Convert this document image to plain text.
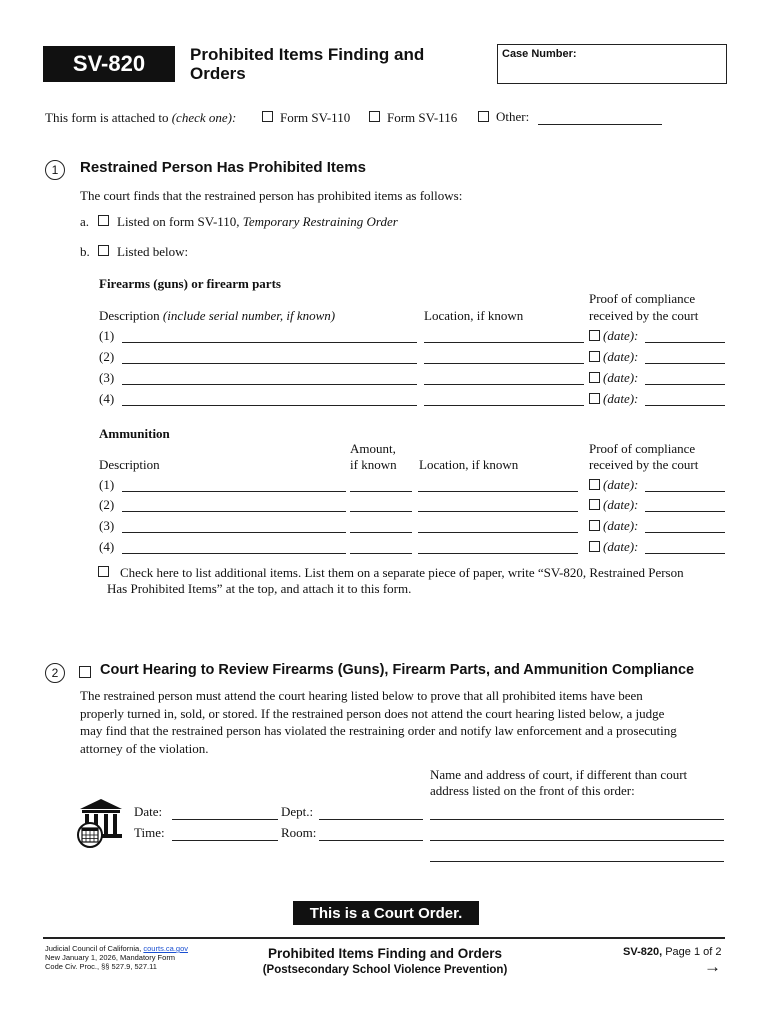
SV-820	Prohibited Items Finding and
Orders
Case Number:
This form is attached to (check one):	Form SV-110	Form SV-116	Other:
1	Restrained Person Has Prohibited Items
The court finds that the restrained person has prohibited items as follows:
a. Listed on form SV-110, Temporary Restraining Order
b. Listed below:
Firearms (guns) or firearm parts
Description (include serial number, if known)	Location, if known
Proof of compliance
received by the court
(1)	(date):
(2)	(date):
(3)	(date):
(4)	(date):
Ammunition
Amount,
if known
Description	Location, if known
Proof of compliance
received by the court
(1)	(date):
(2)	(date):
(3)	(date):
(4)	(date):
Check here to list additional items. List them on a separate piece of paper, write “SV-820, Restrained Person
Has Prohibited Items” at the top, and attach it to this form.
2	Court Hearing to Review Firearms (Guns), Firearm Parts, and Ammunition Compliance
The restrained person must attend the court hearing listed below to prove that all prohibited items have been
properly turned in, sold, or stored. If the restrained person does not attend the court hearing listed below, a judge
may find that the restrained person has violated the restraining order and notify law enforcement and a prosecuting
attorney of the violation.
Name and address of court, if different than court
address listed on the front of this order:
Date:	Dept.:
Time:	Room:
This is a Court Order.
Judicial Council of California, courts.ca.gov
New January 1, 2026, Mandatory Form
Code Civ. Proc., §§ 527.9, 527.11
Prohibited Items Finding and Orders
(Postsecondary School Violence Prevention)
SV-820, Page 1 of 2
→
